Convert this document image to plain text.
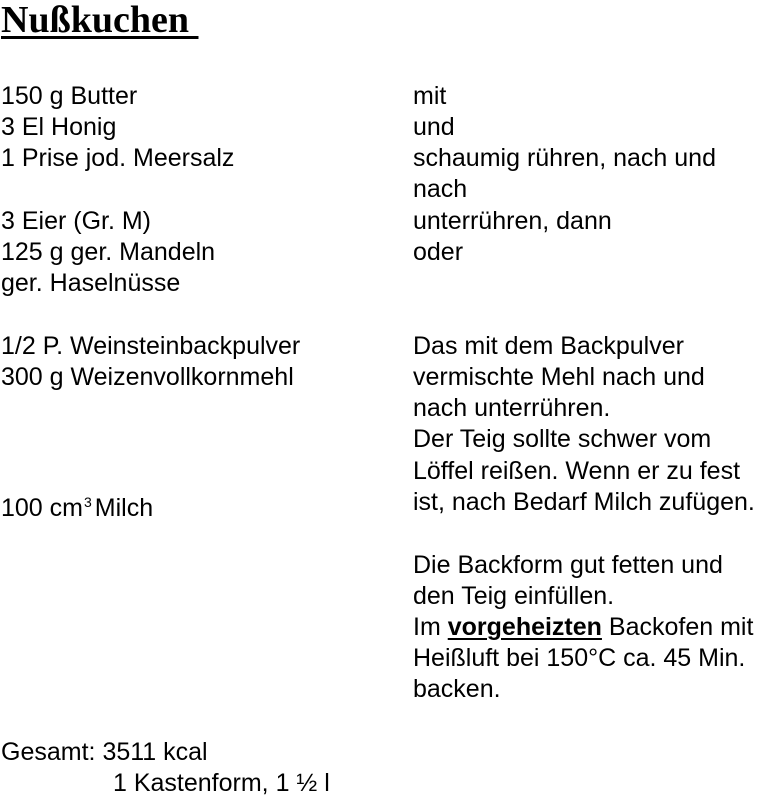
Nußkuchen

150 g Butter

3 El Honig

1 Prise jod. Meersalz

3 Eier (Gr. M)

125 g ger. Mandeln

ger. Haselnüsse

1/2 P. Weinsteinbackpulver

300 g Weizenvollkornmehl

100 $cm^3$ Milch

mit

und

schaumig rühren, nach und

nach

unterrühren, dann

oder

Das mit dem Backpulver

vermischte Mehl nach und

nach unterrühren.

Der Teig sollte schwer vom

Löffel reißen. Wenn er zu fest

ist, nach Bedarf Milch zufügen.

Die Backform gut fetten und

den Teig einfüllen.

Im vorgeheizten Backofen mit

Heißluft bei 150°C ca. 45 Min.

backen.

Gesamt: 3511 kcal

1 Kastenform, 1 ½ l
